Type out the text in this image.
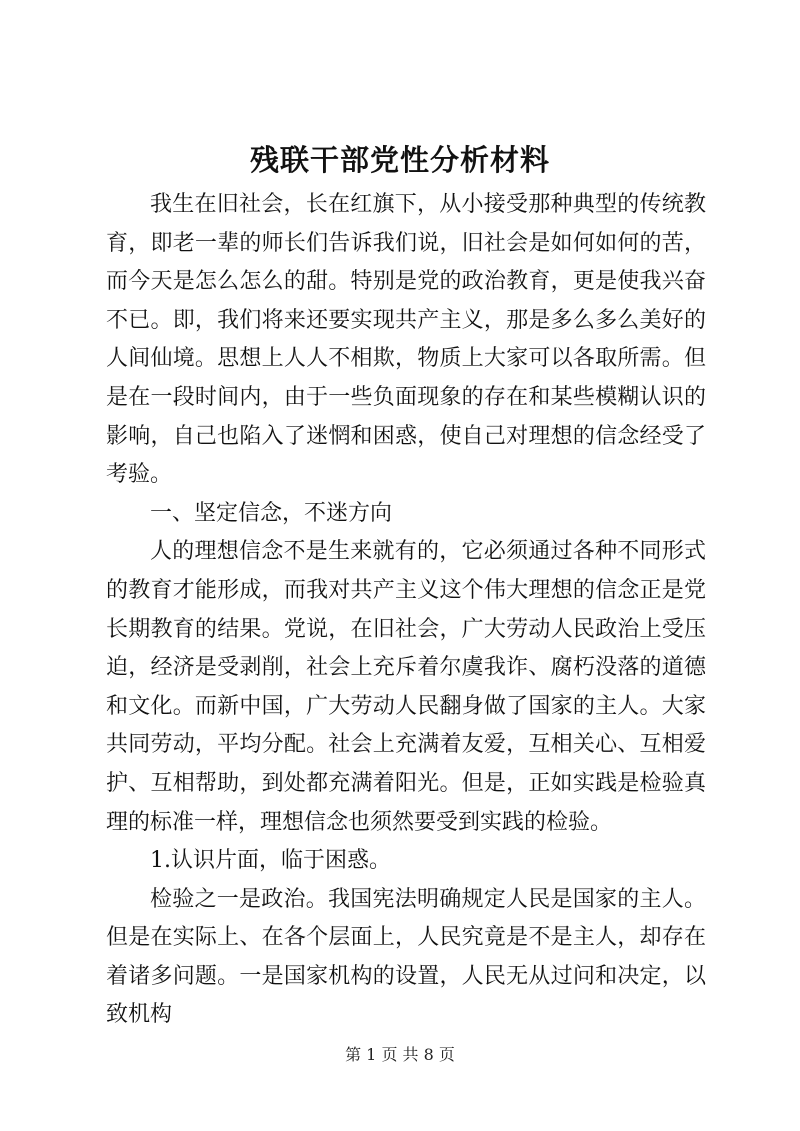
残联干部党性分析材料

我生在旧社会，长在红旗下，从小接受那种典型的传统教育，即老一辈的师长们告诉我们说，旧社会是如何如何的苦，而今天是怎么怎么的甜。特别是党的政治教育，更是使我兴奋不已。即，我们将来还要实现共产主义，那是多么多么美好的人间仙境。思想上人人不相欺，物质上大家可以各取所需。但是在一段时间内，由于一些负面现象的存在和某些模糊认识的影响，自己也陷入了迷惘和困惑，使自己对理想的信念经受了考验。

一、坚定信念，不迷方向

人的理想信念不是生来就有的，它必须通过各种不同形式的教育才能形成，而我对共产主义这个伟大理想的信念正是党长期教育的结果。党说，在旧社会，广大劳动人民政治上受压迫，经济是受剥削，社会上充斥着尔虞我诈、腐朽没落的道德和文化。而新中国，广大劳动人民翻身做了国家的主人。大家共同劳动，平均分配。社会上充满着友爱，互相关心、互相爱护、互相帮助，到处都充满着阳光。但是，正如实践是检验真理的标准一样，理想信念也须然要受到实践的检验。

1.认识片面，临于困惑。

检验之一是政治。我国宪法明确规定人民是国家的主人。但是在实际上、在各个层面上，人民究竟是不是主人，却存在着诸多问题。一是国家机构的设置，人民无从过问和决定，以致机构

第 1 页 共 8 页
